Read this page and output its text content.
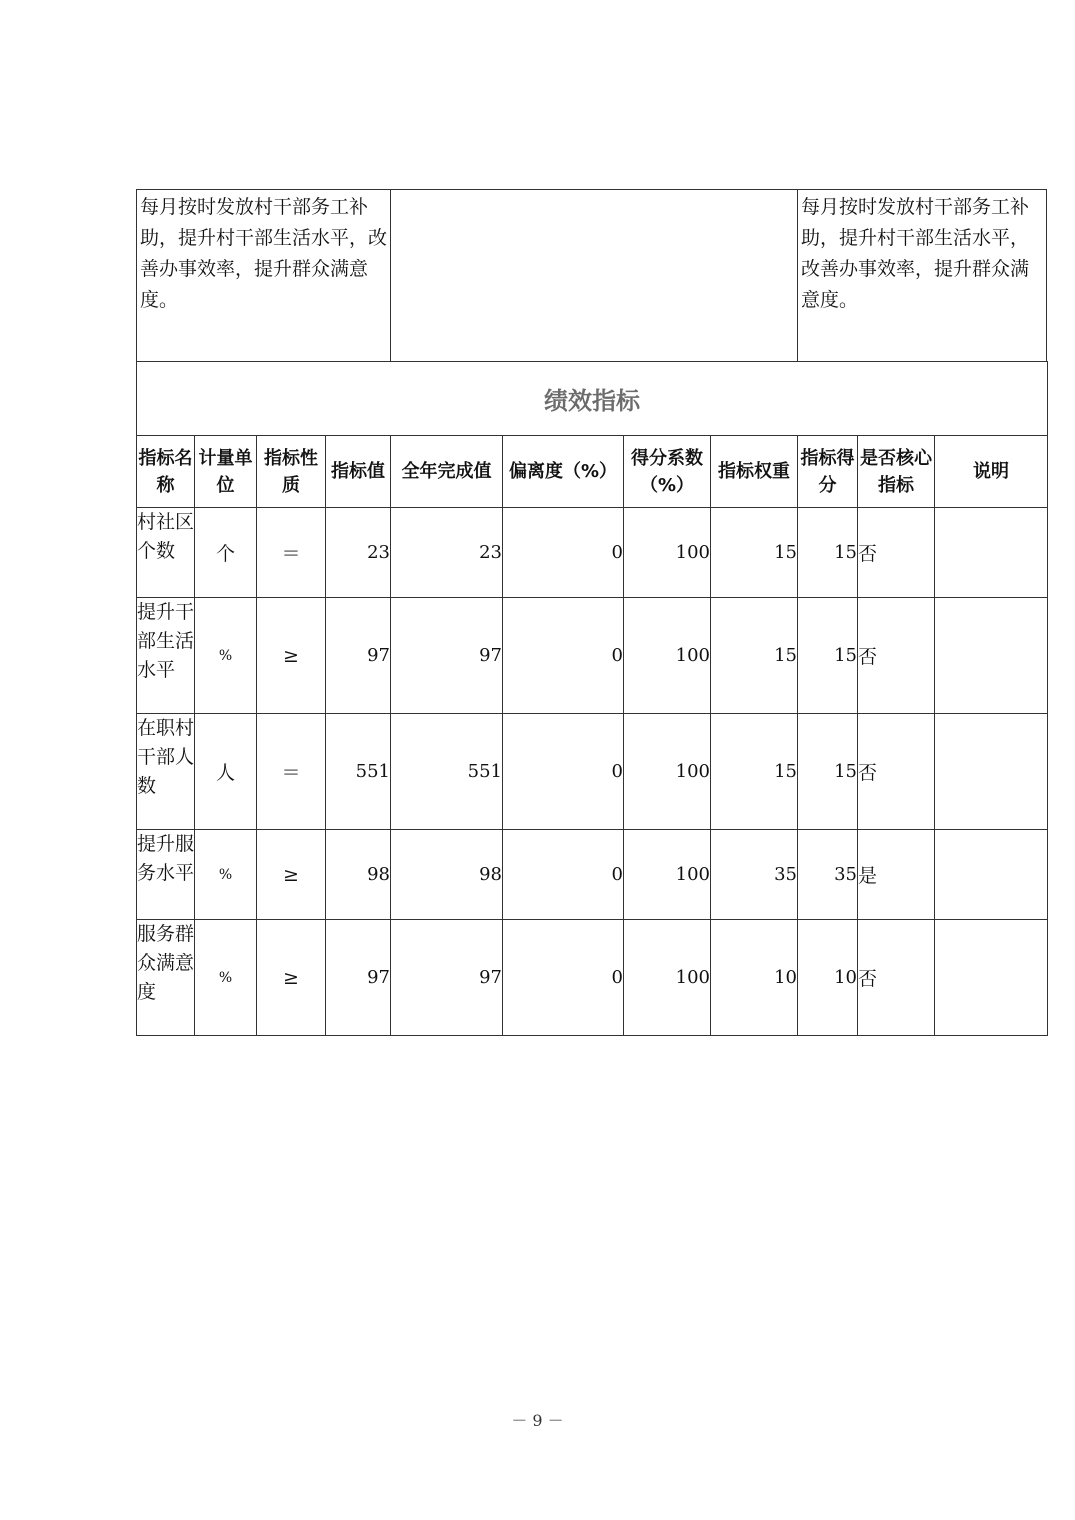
每月按时发放村干部务工补助，提升村干部生活水平，改善办事效率，提升群众满意度。
每月按时发放村干部务工补助，提升村干部生活水平，改善办事效率，提升群众满意度。
绩效指标										
指标名称	计量单位	指标性质	指标值	全年完成值	偏离度（%）	得分系数（%）	指标权重	指标得分	是否核心指标	说明
村社区个数	个	＝	23	23	0	100	15	15	否	
提升干部生活水平	%	≥	97	97	0	100	15	15	否	
在职村干部人数	人	＝	551	551	0	100	15	15	否	
提升服务水平	%	≥	98	98	0	100	35	35	是	
服务群众满意度	%	≥	97	97	0	100	10	10	否	
－ 9 －
